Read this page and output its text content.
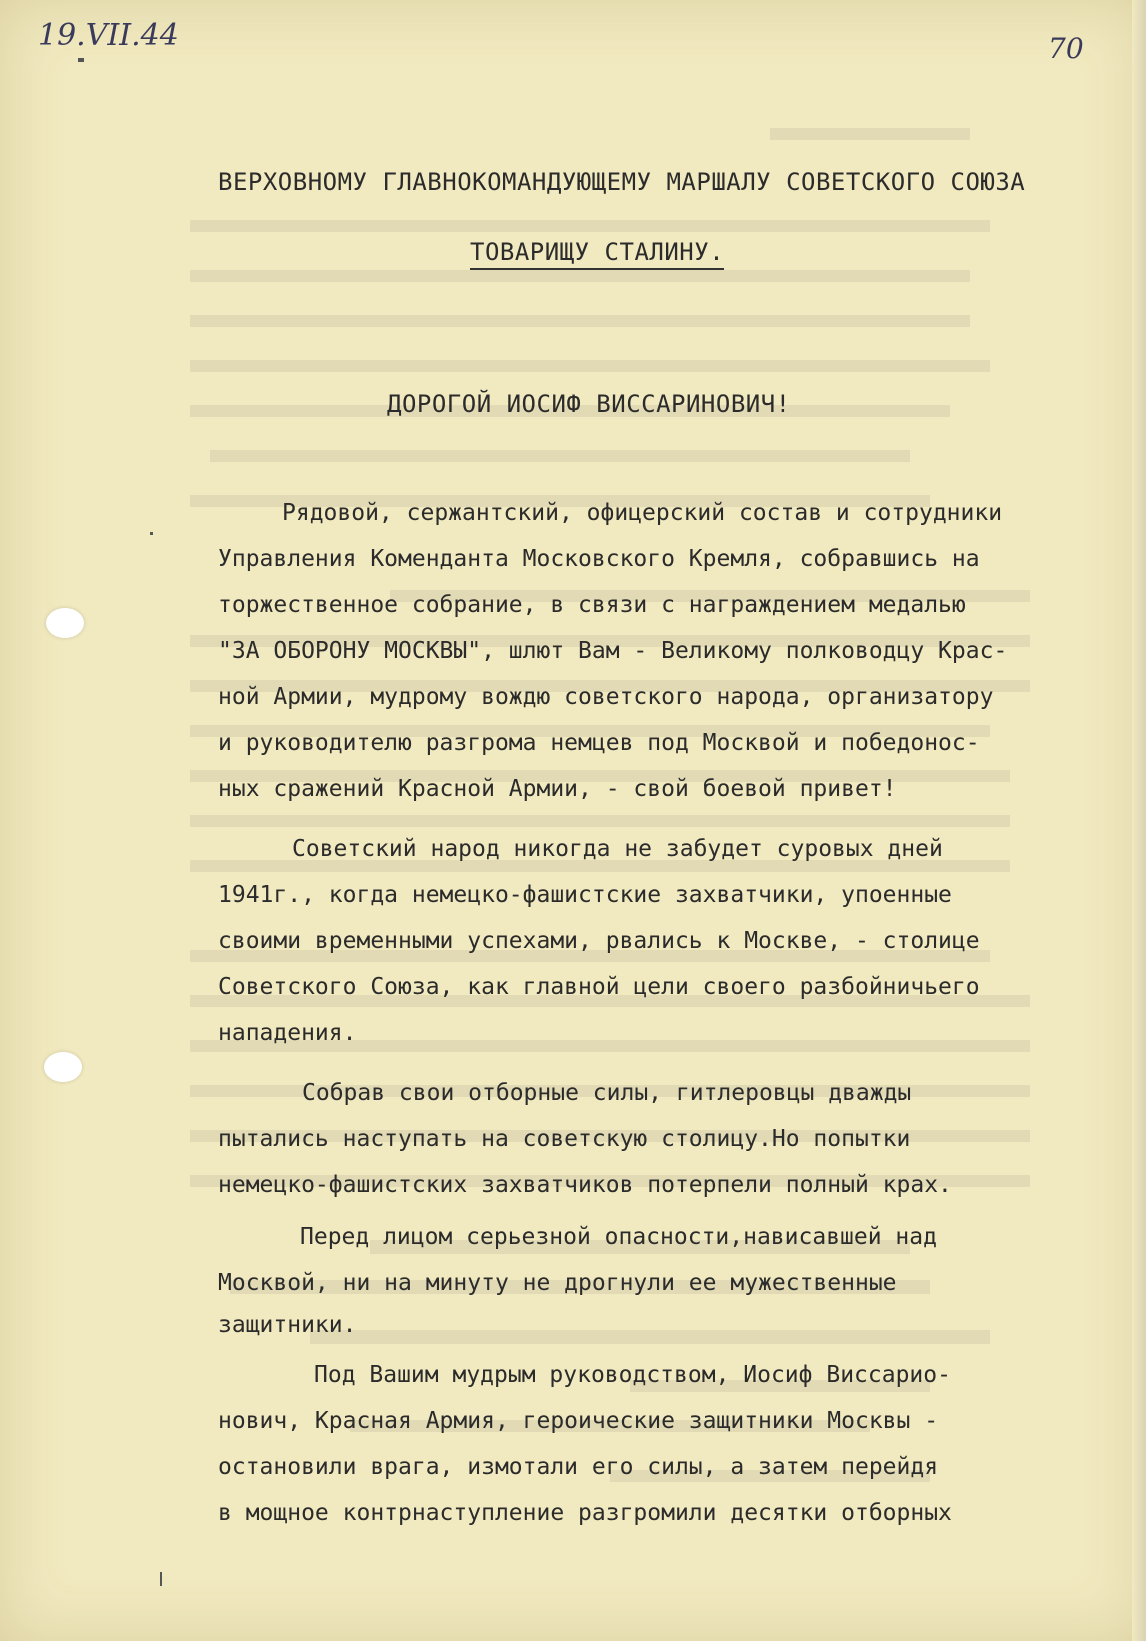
19.VII.44	70
ВЕРХОВНОМУ ГЛАВНОКОМАНДУЮЩЕМУ МАРШАЛУ СОВЕТСКОГО СОЮЗА
ТОВАРИЩУ СТАЛИНУ.
ДОРОГОЙ ИОСИФ ВИССАРИНОВИЧ!
Рядовой, сержантский, офицерский состав и сотрудники
Управления Коменданта Московского Кремля, собравшись на
торжественное собрание, в связи с награждением медалью
"ЗА ОБОРОНУ МОСКВЫ", шлют Вам - Великому полководцу Крас-
ной Армии, мудрому вождю советского народа, организатору
и руководителю разгрома немцев под Москвой и победонос-
ных сражений Красной Армии, - свой боевой привет!
Советский народ никогда не забудет суровых дней
1941г., когда немецко-фашистские захватчики, упоенные
своими временными успехами, рвались к Москве, - столице
Советского Союза, как главной цели своего разбойничьего
нападения.
Собрав свои отборные силы, гитлеровцы дважды
пытались наступать на советскую столицу.Но попытки
немецко-фашистских захватчиков потерпели полный крах.
Перед лицом серьезной опасности,нависавшей над
Москвой, ни на минуту не дрогнули ее мужественные
защитники.
Под Вашим мудрым руководством, Иосиф Виссарио-
нович, Красная Армия, героические защитники Москвы -
остановили врага, измотали его силы, а затем перейдя
в мощное контрнаступление разгромили десятки отборных
